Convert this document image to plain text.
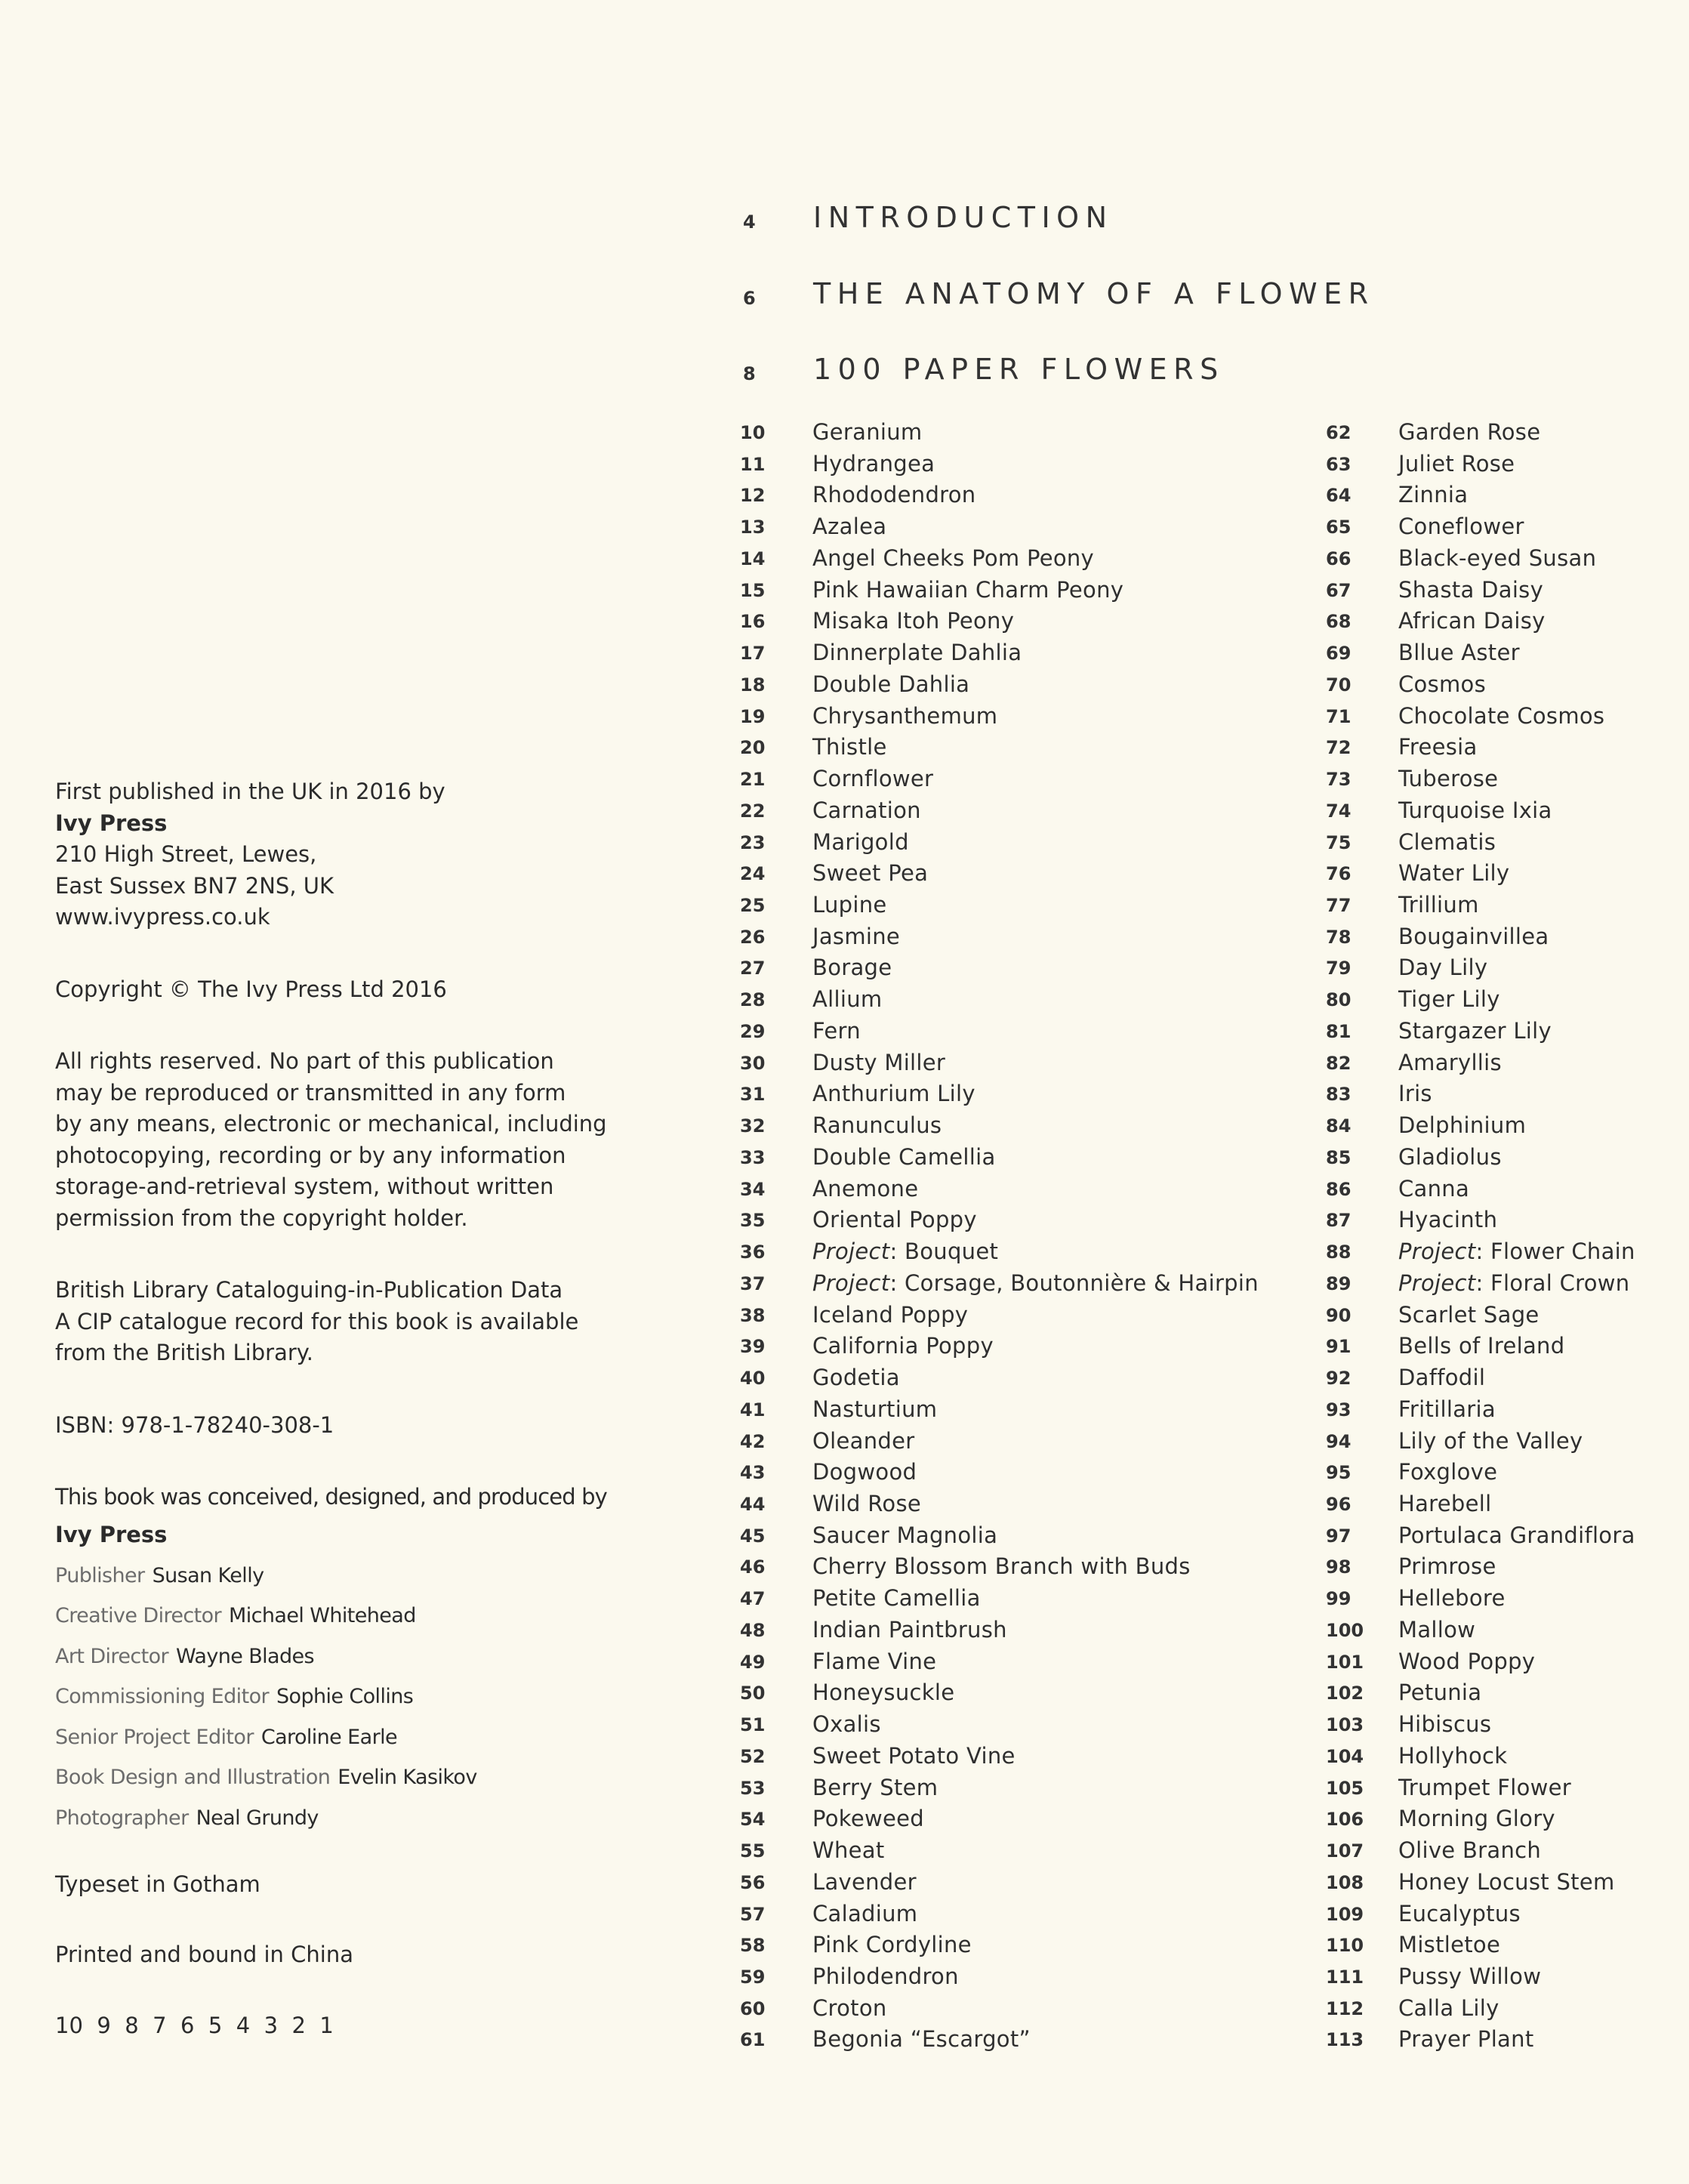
First published in the UK in 2016 by
Ivy Press
210 High Street, Lewes,
East Sussex BN7 2NS, UK
www.ivypress.co.uk
Copyright © The Ivy Press Ltd 2016
All rights reserved. No part of this publication
may be reproduced or transmitted in any form
by any means, electronic or mechanical, including
photocopying, recording or by any information
storage-and-retrieval system, without written
permission from the copyright holder.
British Library Cataloguing-in-Publication Data
A CIP catalogue record for this book is available
from the British Library.
ISBN: 978-1-78240-308-1
This book was conceived, designed, and produced by
Ivy Press
Publisher Susan Kelly
Creative Director Michael Whitehead
Art Director Wayne Blades
Commissioning Editor Sophie Collins
Senior Project Editor Caroline Earle
Book Design and Illustration Evelin Kasikov
Photographer Neal Grundy
Typeset in Gotham
Printed and bound in China
10  9  8  7  6  5  4  3  2  1
4 INTRODUCTION
6 THE ANATOMY OF A FLOWER
8 100 PAPER FLOWERS
10 Geranium
11 Hydrangea
12 Rhododendron
13 Azalea
14 Angel Cheeks Pom Peony
15 Pink Hawaiian Charm Peony
16 Misaka Itoh Peony
17 Dinnerplate Dahlia
18 Double Dahlia
19 Chrysanthemum
20 Thistle
21 Cornflower
22 Carnation
23 Marigold
24 Sweet Pea
25 Lupine
26 Jasmine
27 Borage
28 Allium
29 Fern
30 Dusty Miller
31 Anthurium Lily
32 Ranunculus
33 Double Camellia
34 Anemone
35 Oriental Poppy
36 Project: Bouquet
37 Project: Corsage, Boutonnière & Hairpin
38 Iceland Poppy
39 California Poppy
40 Godetia
41 Nasturtium
42 Oleander
43 Dogwood
44 Wild Rose
45 Saucer Magnolia
46 Cherry Blossom Branch with Buds
47 Petite Camellia
48 Indian Paintbrush
49 Flame Vine
50 Honeysuckle
51 Oxalis
52 Sweet Potato Vine
53 Berry Stem
54 Pokeweed
55 Wheat
56 Lavender
57 Caladium
58 Pink Cordyline
59 Philodendron
60 Croton
61 Begonia “Escargot”
62 Garden Rose
63 Juliet Rose
64 Zinnia
65 Coneflower
66 Black-eyed Susan
67 Shasta Daisy
68 African Daisy
69 Bllue Aster
70 Cosmos
71 Chocolate Cosmos
72 Freesia
73 Tuberose
74 Turquoise Ixia
75 Clematis
76 Water Lily
77 Trillium
78 Bougainvillea
79 Day Lily
80 Tiger Lily
81 Stargazer Lily
82 Amaryllis
83 Iris
84 Delphinium
85 Gladiolus
86 Canna
87 Hyacinth
88 Project: Flower Chain
89 Project: Floral Crown
90 Scarlet Sage
91 Bells of Ireland
92 Daffodil
93 Fritillaria
94 Lily of the Valley
95 Foxglove
96 Harebell
97 Portulaca Grandiflora
98 Primrose
99 Hellebore
100 Mallow
101 Wood Poppy
102 Petunia
103 Hibiscus
104 Hollyhock
105 Trumpet Flower
106 Morning Glory
107 Olive Branch
108 Honey Locust Stem
109 Eucalyptus
110 Mistletoe
111 Pussy Willow
112 Calla Lily
113 Prayer Plant
